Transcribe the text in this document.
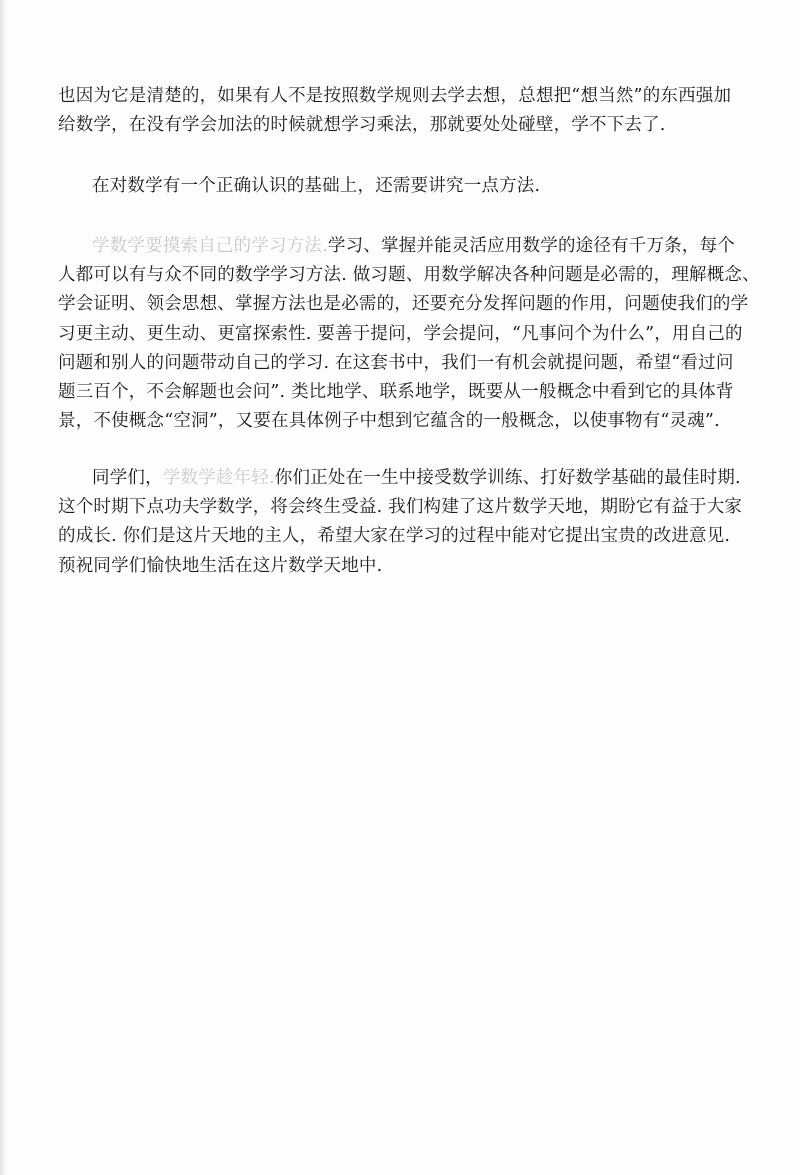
也因为它是清楚的，如果有人不是按照数学规则去学去想，总想把“想当然”的东西强加
给数学，在没有学会加法的时候就想学习乘法，那就要处处碰壁，学不下去了.

在对数学有一个正确认识的基础上，还需要讲究一点方法.

学数学要摸索自己的学习方法.学习、掌握并能灵活应用数学的途径有千万条，每个
人都可以有与众不同的数学学习方法. 做习题、用数学解决各种问题是必需的，理解概念、
学会证明、领会思想、掌握方法也是必需的，还要充分发挥问题的作用，问题使我们的学
习更主动、更生动、更富探索性. 要善于提问，学会提问，“凡事问个为什么”，用自己的
问题和别人的问题带动自己的学习. 在这套书中，我们一有机会就提问题，希望“看过问
题三百个，不会解题也会问”. 类比地学、联系地学，既要从一般概念中看到它的具体背
景，不使概念“空洞”，又要在具体例子中想到它蕴含的一般概念，以使事物有“灵魂”.

同学们，学数学趁年轻.你们正处在一生中接受数学训练、打好数学基础的最佳时期.
这个时期下点功夫学数学，将会终生受益. 我们构建了这片数学天地，期盼它有益于大家
的成长. 你们是这片天地的主人，希望大家在学习的过程中能对它提出宝贵的改进意见.
预祝同学们愉快地生活在这片数学天地中.
